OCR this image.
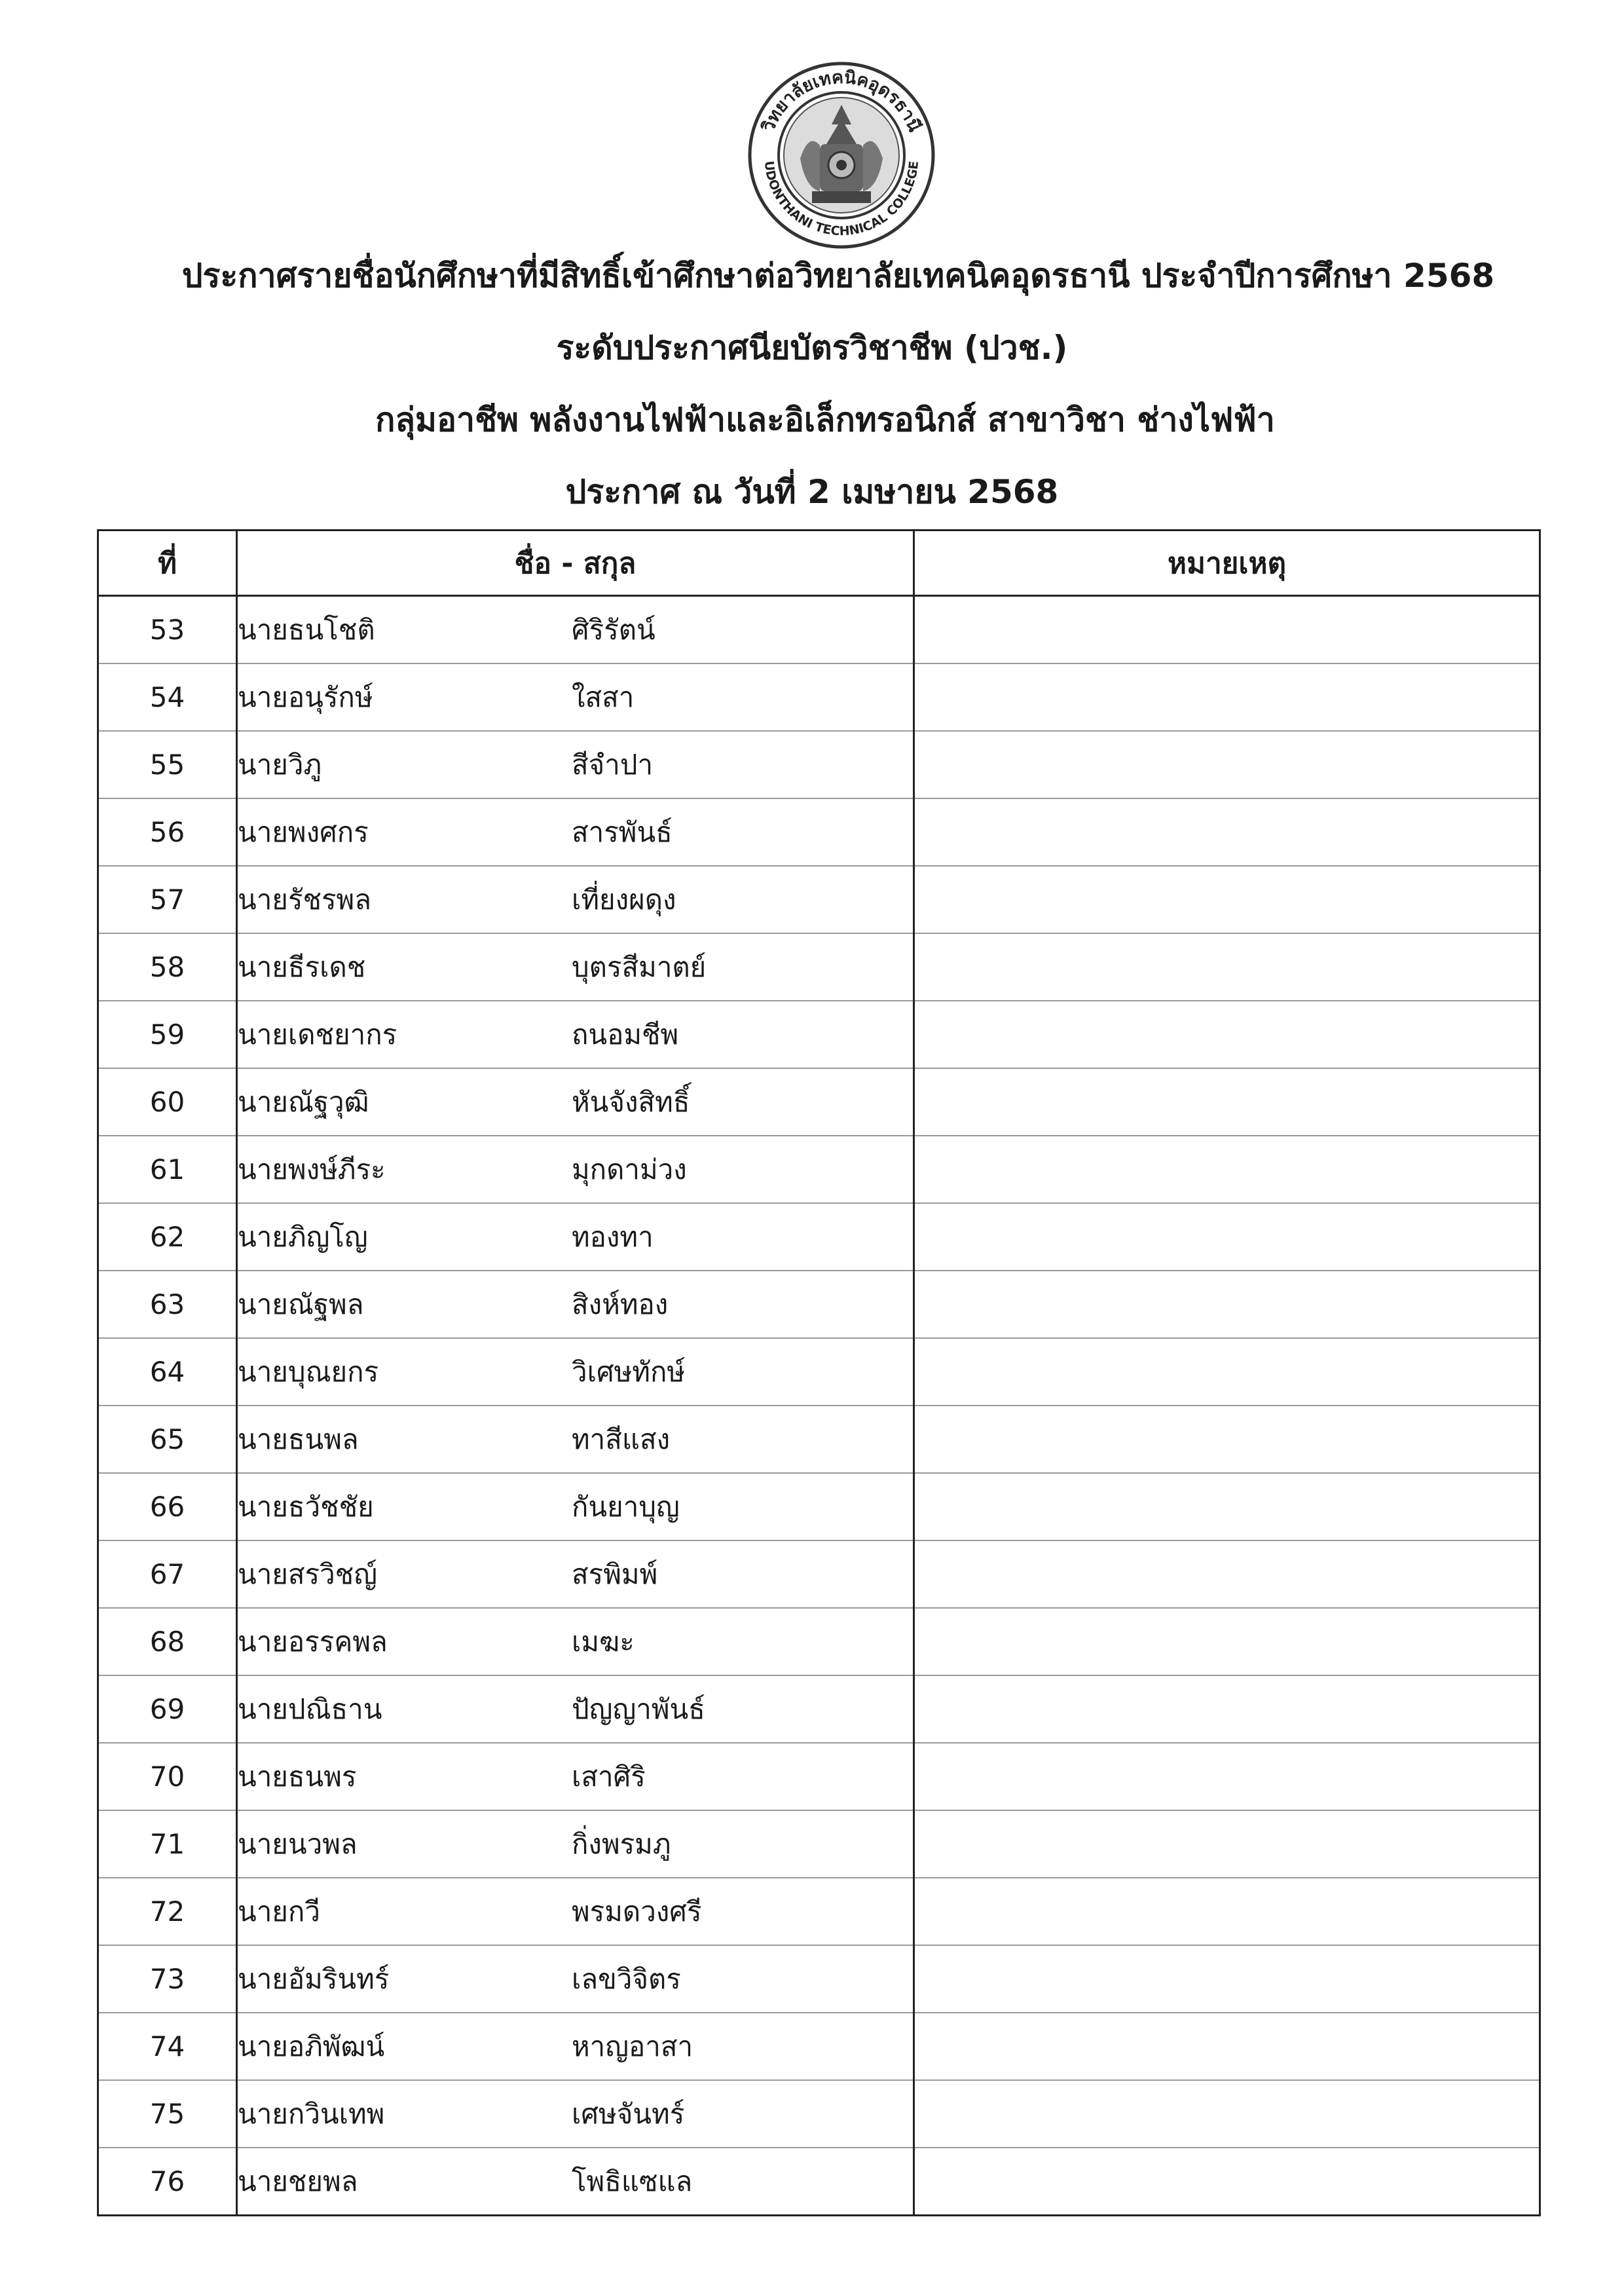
วิทยาลัยเทคนิคอุดรธานี
UDONTHANI TECHNICAL COLLEGE
ประกาศรายชื่อนักศึกษาที่มีสิทธิ์เข้าศึกษาต่อวิทยาลัยเทคนิคอุดรธานี ประจำปีการศึกษา 2568
ระดับประกาศนียบัตรวิชาชีพ (ปวช.)
กลุ่มอาชีพ พลังงานไฟฟ้าและอิเล็กทรอนิกส์ สาขาวิชา ช่างไฟฟ้า
ประกาศ ณ วันที่ 2 เมษายน 2568
ที่	ชื่อ - สกุล	หมายเหตุ
53	นายธนโชติ ศิริรัตน์	
54	นายอนุรักษ์ ใสสา	
55	นายวิภู สีจำปา	
56	นายพงศกร สารพันธ์	
57	นายรัชรพล เที่ยงผดุง	
58	นายธีรเดช บุตรสีมาตย์	
59	นายเดชยากร ถนอมชีพ	
60	นายณัฐวุฒิ หันจังสิทธิ์	
61	นายพงษ์ภีระ มุกดาม่วง	
62	นายภิญโญ ทองทา	
63	นายณัฐพล สิงห์ทอง	
64	นายบุณยกร วิเศษทักษ์	
65	นายธนพล ทาสีแสง	
66	นายธวัชชัย กันยาบุญ	
67	นายสรวิชญ์ สรพิมพ์	
68	นายอรรคพล เมฆะ	
69	นายปณิธาน ปัญญาพันธ์	
70	นายธนพร เสาศิริ	
71	นายนวพล กิ่งพรมภู	
72	นายกวี พรมดวงศรี	
73	นายอัมรินทร์ เลขวิจิตร	
74	นายอภิพัฒน์ หาญอาสา	
75	นายกวินเทพ เศษจันทร์	
76	นายชยพล โพธิแซแล	
